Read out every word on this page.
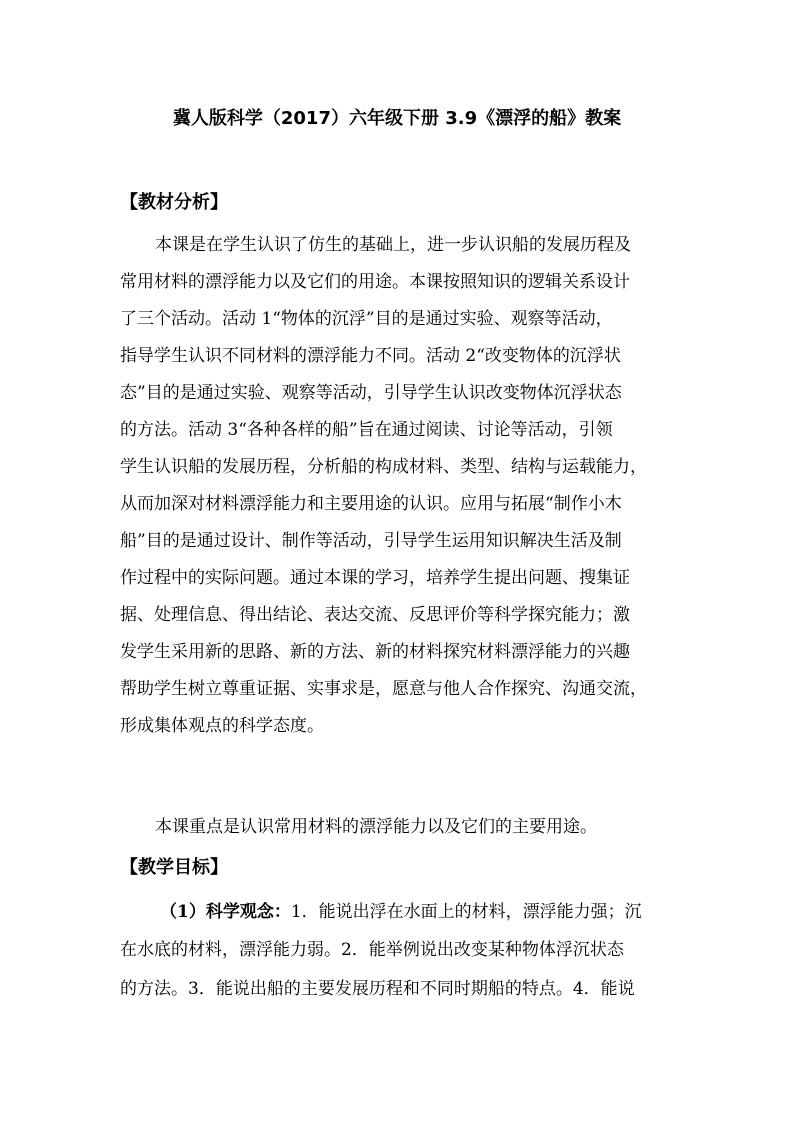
冀人版科学（2017）六年级下册 3.9《漂浮的船》教案
【教材分析】
本课是在学生认识了仿生的基础上，进一步认识船的发展历程及
常用材料的漂浮能力以及它们的用途。本课按照知识的逻辑关系设计
了三个活动。活动 1“物体的沉浮”目的是通过实验、观察等活动，
指导学生认识不同材料的漂浮能力不同。活动 2“改变物体的沉浮状
态”目的是通过实验、观察等活动，引导学生认识改变物体沉浮状态
的方法。活动 3“各种各样的船”旨在通过阅读、讨论等活动，引领
学生认识船的发展历程，分析船的构成材料、类型、结构与运载能力，
从而加深对材料漂浮能力和主要用途的认识。应用与拓展“制作小木
船”目的是通过设计、制作等活动，引导学生运用知识解决生活及制
作过程中的实际问题。通过本课的学习，培养学生提出问题、搜集证
据、处理信息、得出结论、表达交流、反思评价等科学探究能力；激
发学生采用新的思路、新的方法、新的材料探究材料漂浮能力的兴趣
帮助学生树立尊重证据、实事求是，愿意与他人合作探究、沟通交流，
形成集体观点的科学态度。
本课重点是认识常用材料的漂浮能力以及它们的主要用途。
【教学目标】
（1）科学观念：1．能说出浮在水面上的材料，漂浮能力强；沉
在水底的材料，漂浮能力弱。2．能举例说出改变某种物体浮沉状态
的方法。3．能说出船的主要发展历程和不同时期船的特点。4．能说
